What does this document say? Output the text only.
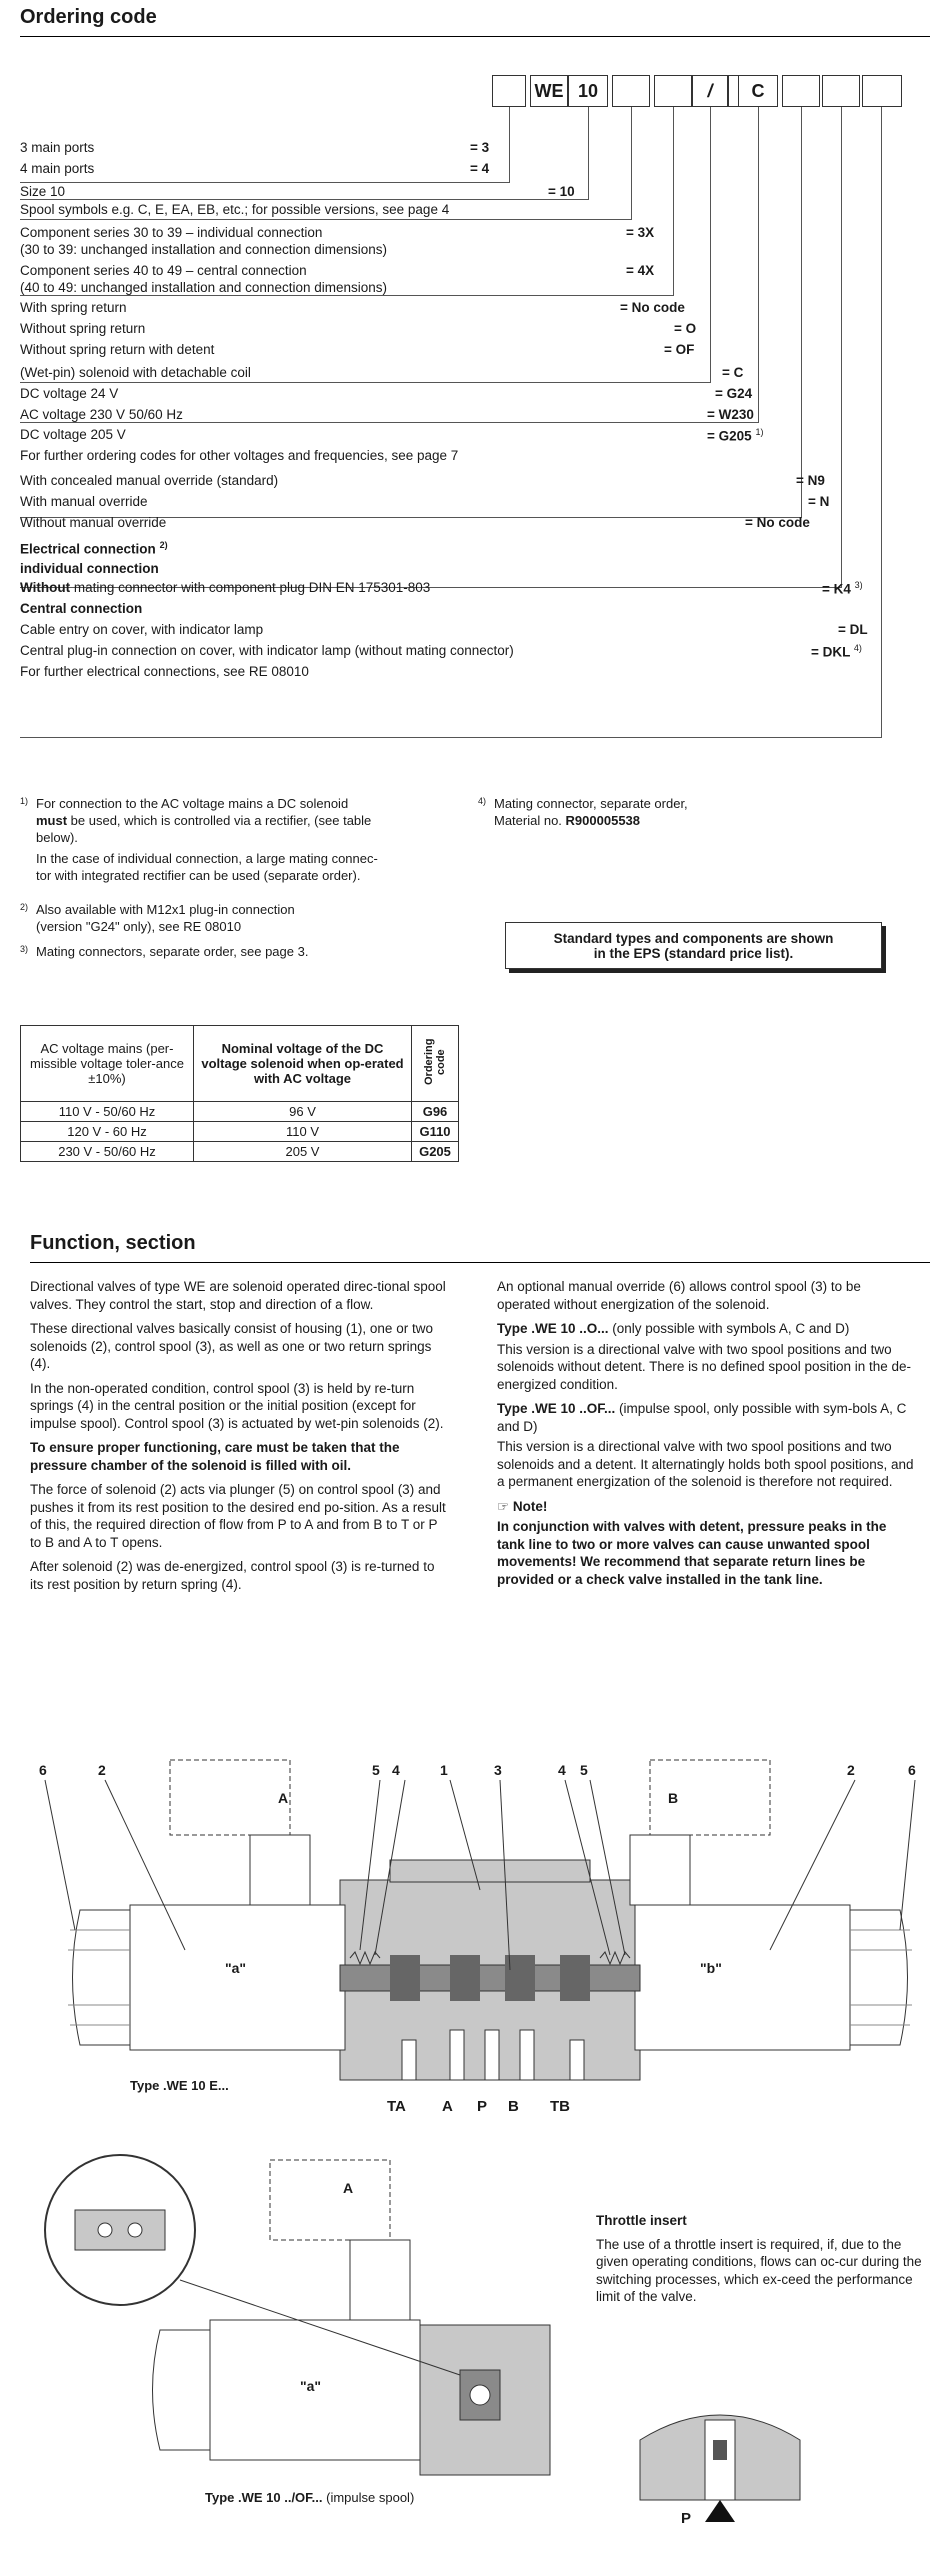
Ordering code
WE 10	/	C
3 main ports	= 3
4 main ports	= 4
Size 10	= 10
Spool symbols e.g. C, E, EA, EB, etc.; for possible versions, see page 4
Component series 30 to 39 – individual connection	= 3X
(30 to 39: unchanged installation and connection dimensions)
Component series 40 to 49 – central connection	= 4X
(40 to 49: unchanged installation and connection dimensions)
With spring return	= No code
Without spring return	= O
Without spring return with detent	= OF
(Wet-pin) solenoid with detachable coil	= C
DC voltage 24 V	= G24
AC voltage 230 V 50/60 Hz	= W230
DC voltage 205 V	= G205 $^{1)}$
For further ordering codes for other voltages and frequencies, see page 7
With concealed manual override (standard)	= N9
With manual override	= N
Without manual override	= No code
Electrical connection $^{2)}$
individual connection
Without mating connector with component plug DIN EN 175301-803	= K4 $^{3)}$
Central connection
Cable entry on cover, with indicator lamp	= DL
Central plug-in connection on cover, with indicator lamp (without mating connector)	= DKL $^{4)}$
For further electrical connections, see RE 08010
1) For connection to the AC voltage mains a DC solenoid
must be used, which is controlled via a rectifier, (see table
below).
In the case of individual connection, a large mating connec-
tor with integrated rectifier can be used (separate order).
2) Also available with M12x1 plug-in connection
(version "G24" only), see RE 08010
3) Mating connectors, separate order, see page 3.
4) Mating connector, separate order,
Material no. R900005538
Standard types and components are shown
in the EPS (standard price list).
AC voltage mains (per-missible voltage toler-ance ±10%)	Nominal voltage of the DC voltage solenoid when op-erated with AC voltage	Ordering code
110 V - 50/60 Hz	96 V	G96
120 V - 60 Hz	110 V	G110
230 V - 50/60 Hz	205 V	G205
Function, section

Directional valves of type WE are solenoid operated direc-tional spool valves. They control the start, stop and direction of a flow.

These directional valves basically consist of housing (1), one or two solenoids (2), control spool (3), as well as one or two return springs (4).

In the non-operated condition, control spool (3) is held by re-turn springs (4) in the central position or the initial position (except for impulse spool). Control spool (3) is actuated by wet-pin solenoids (2).

To ensure proper functioning, care must be taken that the pressure chamber of the solenoid is filled with oil.

The force of solenoid (2) acts via plunger (5) on control spool (3) and pushes it from its rest position to the desired end po-sition. As a result of this, the required direction of flow from P to A and from B to T or P to B and A to T opens.

After solenoid (2) was de-energized, control spool (3) is re-turned to its rest position by return spring (4).

An optional manual override (6) allows control spool (3) to be operated without energization of the solenoid.

Type .WE 10 ..O... (only possible with symbols A, C and D)

This version is a directional valve with two spool positions and two solenoids without detent. There is no defined spool position in the de-energized condition.

Type .WE 10 ..OF... (impulse spool, only possible with sym-bols A, C and D)

This version is a directional valve with two spool positions and two solenoids and a detent. It alternatingly holds both spool positions, and a permanent energization of the solenoid is therefore not required.

☞ Note!

In conjunction with valves with detent, pressure peaks in the tank line to two or more valves can cause unwanted spool movements! We recommend that separate return lines be provided or a check valve installed in the tank line.

6	2	5 4	1	3	4 5	2	6
A	B
"a"	"b"
TA A P B TB
Type .WE 10 E...
A
"a"
Type .WE 10 ../OF... (impulse spool)
Throttle insert
The use of a throttle insert is required, if, due to the given operating conditions, flows can oc-cur during the switching processes, which ex-ceed the performance limit of the valve.
P
